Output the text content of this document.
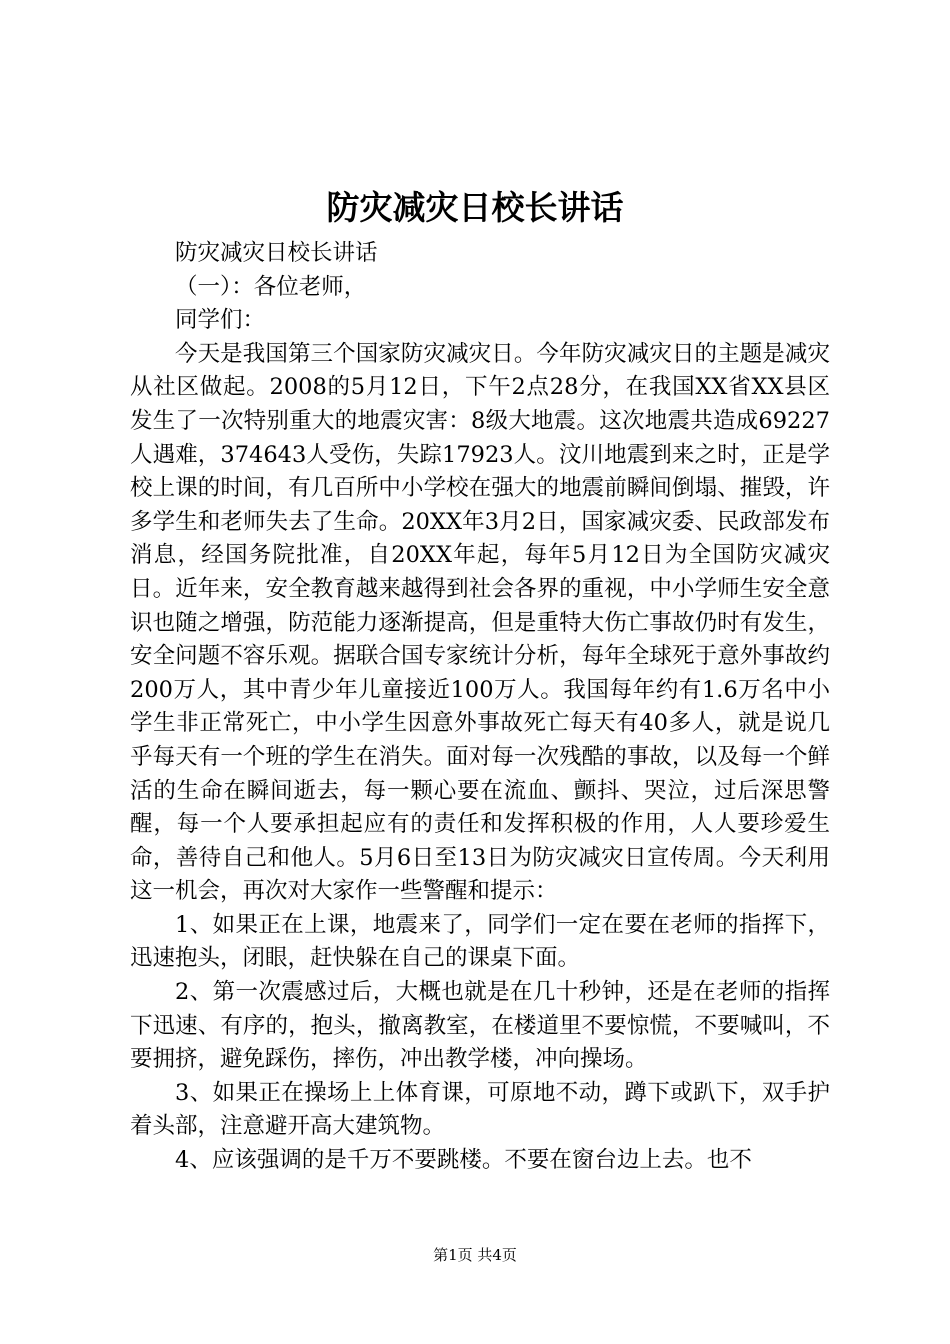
防灾减灾日校长讲话

防灾减灾日校长讲话

（一）：各位老师，

同学们：

今天是我国第三个国家防灾减灾日。今年防灾减灾日的主题是减灾从社区做起。2008的5月12日，下午2点28分，在我国XX省XX县区发生了一次特别重大的地震灾害：8级大地震。这次地震共造成69227人遇难，374643人受伤，失踪17923人。汶川地震到来之时，正是学校上课的时间，有几百所中小学校在强大的地震前瞬间倒塌、摧毁，许多学生和老师失去了生命。20XX年3月2日，国家减灾委、民政部发布消息，经国务院批准，自20XX年起，每年5月12日为全国防灾减灾日。近年来，安全教育越来越得到社会各界的重视，中小学师生安全意识也随之增强，防范能力逐渐提高，但是重特大伤亡事故仍时有发生，安全问题不容乐观。据联合国专家统计分析，每年全球死于意外事故约200万人，其中青少年儿童接近100万人。我国每年约有1.6万名中小学生非正常死亡，中小学生因意外事故死亡每天有40多人，就是说几乎每天有一个班的学生在消失。面对每一次残酷的事故，以及每一个鲜活的生命在瞬间逝去，每一颗心要在流血、颤抖、哭泣，过后深思警醒，每一个人要承担起应有的责任和发挥积极的作用，人人要珍爱生命，善待自己和他人。5月6日至13日为防灾减灾日宣传周。今天利用这一机会，再次对大家作一些警醒和提示：

1、如果正在上课，地震来了，同学们一定在要在老师的指挥下，迅速抱头，闭眼，赶快躲在自己的课桌下面。

2、第一次震感过后，大概也就是在几十秒钟，还是在老师的指挥下迅速、有序的，抱头，撤离教室，在楼道里不要惊慌，不要喊叫，不要拥挤，避免踩伤，摔伤，冲出教学楼，冲向操场。

3、如果正在操场上上体育课，可原地不动，蹲下或趴下，双手护着头部，注意避开高大建筑物。

4、应该强调的是千万不要跳楼。不要在窗台边上去。也不

第1页 共4页
